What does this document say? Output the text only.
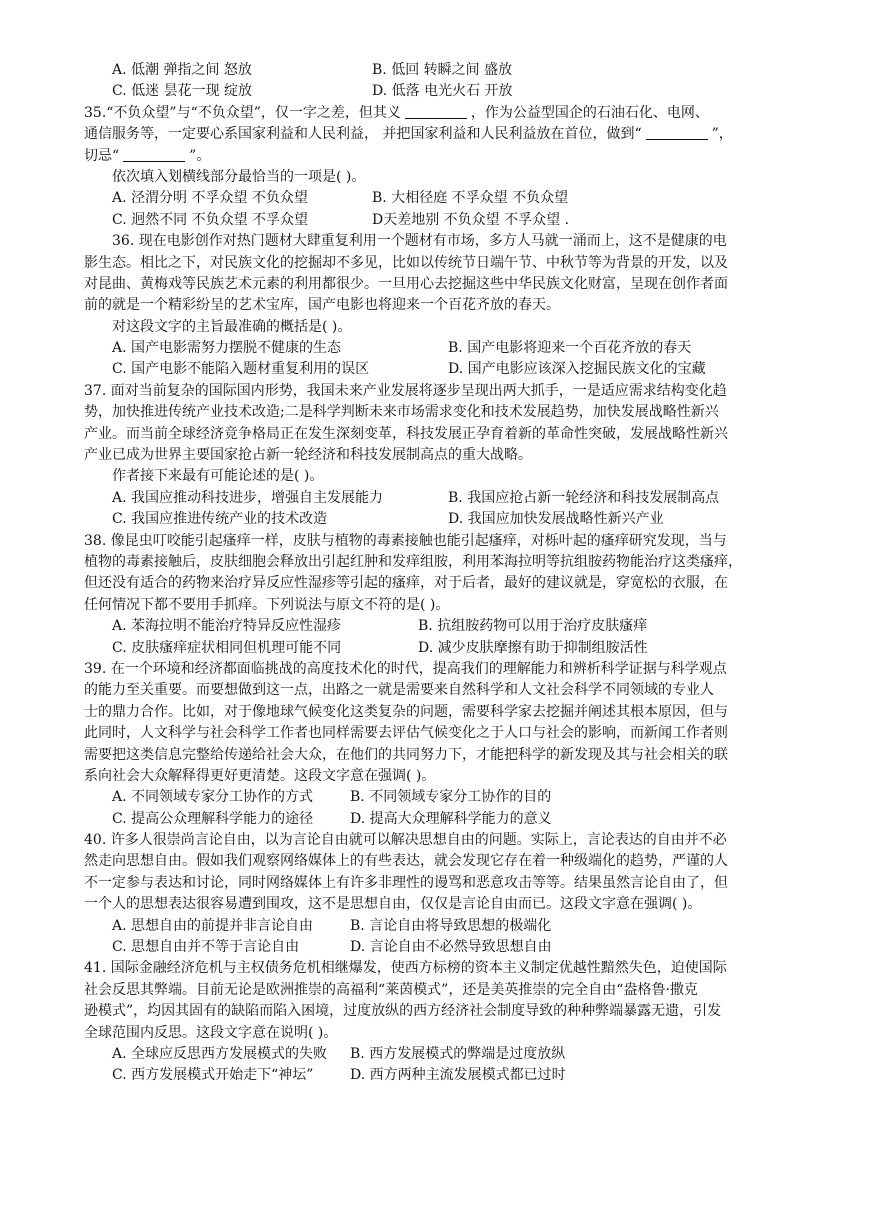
A. 低潮 弹指之间 怒放	B. 低回 转瞬之间 盛放
C. 低迷 昙花一现 绽放	D. 低落 电光火石 开放
35.“不负众望”与“不负众望”，仅一字之差，但其义	，作为公益型国企的石油石化、电网、
通信服务等，一定要心系国家利益和人民利益， 并把国家利益和人民利益放在首位，做到“	”，
切忌“	”。
依次填入划横线部分最恰当的一项是( )。
A. 泾渭分明 不孚众望 不负众望	B. 大相径庭 不孚众望 不负众望
C. 迥然不同 不负众望 不孚众望	D天差地别 不负众望 不孚众望 .
36. 现在电影创作对热门题材大肆重复利用一个题材有市场，多方人马就一涌而上，这不是健康的电
影生态。相比之下，对民族文化的挖掘却不多见，比如以传统节日端午节、中秋节等为背景的开发，以及
对昆曲、黄梅戏等民族艺术元素的利用都很少。一旦用心去挖掘这些中华民族文化财富，呈现在创作者面
前的就是一个精彩纷呈的艺术宝库，国产电影也将迎来一个百花齐放的春天。
对这段文字的主旨最准确的概括是( )。
A. 国产电影需努力摆脱不健康的生态	B. 国产电影将迎来一个百花齐放的春天
C. 国产电影不能陷入题材重复利用的误区	D. 国产电影应该深入挖掘民族文化的宝藏
37. 面对当前复杂的国际国内形势，我国未来产业发展将逐步呈现出两大抓手，一是适应需求结构变化趋
势，加快推进传统产业技术改造;二是科学判断未来市场需求变化和技术发展趋势，加快发展战略性新兴
产业。而当前全球经济竞争格局正在发生深刻变革，科技发展正孕育着新的革命性突破，发展战略性新兴
产业已成为世界主要国家抢占新一轮经济和科技发展制高点的重大战略。
作者接下来最有可能论述的是( )。
A. 我国应推动科技进步，增强自主发展能力	B. 我国应抢占新一轮经济和科技发展制高点
C. 我国应推进传统产业的技术改造	D. 我国应加快发展战略性新兴产业
38. 像昆虫叮咬能引起瘙痒一样，皮肤与植物的毒素接触也能引起瘙痒，对栎叶起的瘙痒研究发现，当与
植物的毒素接触后，皮肤细胞会释放出引起红肿和发痒组胺，利用苯海拉明等抗组胺药物能治疗这类瘙痒，
但还没有适合的药物来治疗异反应性湿疹等引起的瘙痒，对于后者，最好的建议就是，穿宽松的衣服，在
任何情况下都不要用手抓痒。下列说法与原文不符的是( )。
A. 苯海拉明不能治疗特异反应性湿疹	B. 抗组胺药物可以用于治疗皮肤瘙痒
C. 皮肤瘙痒症状相同但机理可能不同	D. 减少皮肤摩擦有助于抑制组胺活性
39. 在一个环境和经济都面临挑战的高度技术化的时代，提高我们的理解能力和辨析科学证据与科学观点
的能力至关重要。而要想做到这一点，出路之一就是需要来自然科学和人文社会科学不同领域的专业人
士的鼎力合作。比如，对于像地球气候变化这类复杂的问题，需要科学家去挖掘并阐述其根本原因，但与
此同时，人文科学与社会科学工作者也同样需要去评估气候变化之于人口与社会的影响，而新闻工作者则
需要把这类信息完整给传递给社会大众，在他们的共同努力下，才能把科学的新发现及其与社会相关的联
系向社会大众解释得更好更清楚。这段文字意在强调( )。
A. 不同领域专家分工协作的方式	B. 不同领域专家分工协作的目的
C. 提高公众理解科学能力的途径	D. 提高大众理解科学能力的意义
40. 许多人很崇尚言论自由，以为言论自由就可以解决思想自由的问题。实际上，言论表达的自由并不必
然走向思想自由。假如我们观察网络媒体上的有些表达，就会发现它存在着一种级端化的趋势，严谨的人
不一定参与表达和讨论，同时网络媒体上有许多非理性的谩骂和恶意攻击等等。结果虽然言论自由了，但
一个人的思想表达很容易遭到围攻，这不是思想自由，仅仅是言论自由而已。这段文字意在强调( )。
A. 思想自由的前提并非言论自由	B. 言论自由将导致思想的极端化
C. 思想自由并不等于言论自由	D. 言论自由不必然导致思想自由
41. 国际金融经济危机与主权债务危机相继爆发，使西方标榜的资本主义制定优越性黯然失色，迫使国际
社会反思其弊端。目前无论是欧洲推崇的高福利“莱茵模式”，还是美英推崇的完全自由“盎格鲁·撒克
逊模式”，均因其固有的缺陷而陷入困境，过度放纵的西方经济社会制度导致的种种弊端暴露无遗，引发
全球范围内反思。这段文字意在说明( )。
A. 全球应反思西方发展模式的失败	B. 西方发展模式的弊端是过度放纵
C. 西方发展模式开始走下“神坛”	D. 西方两种主流发展模式都已过时
